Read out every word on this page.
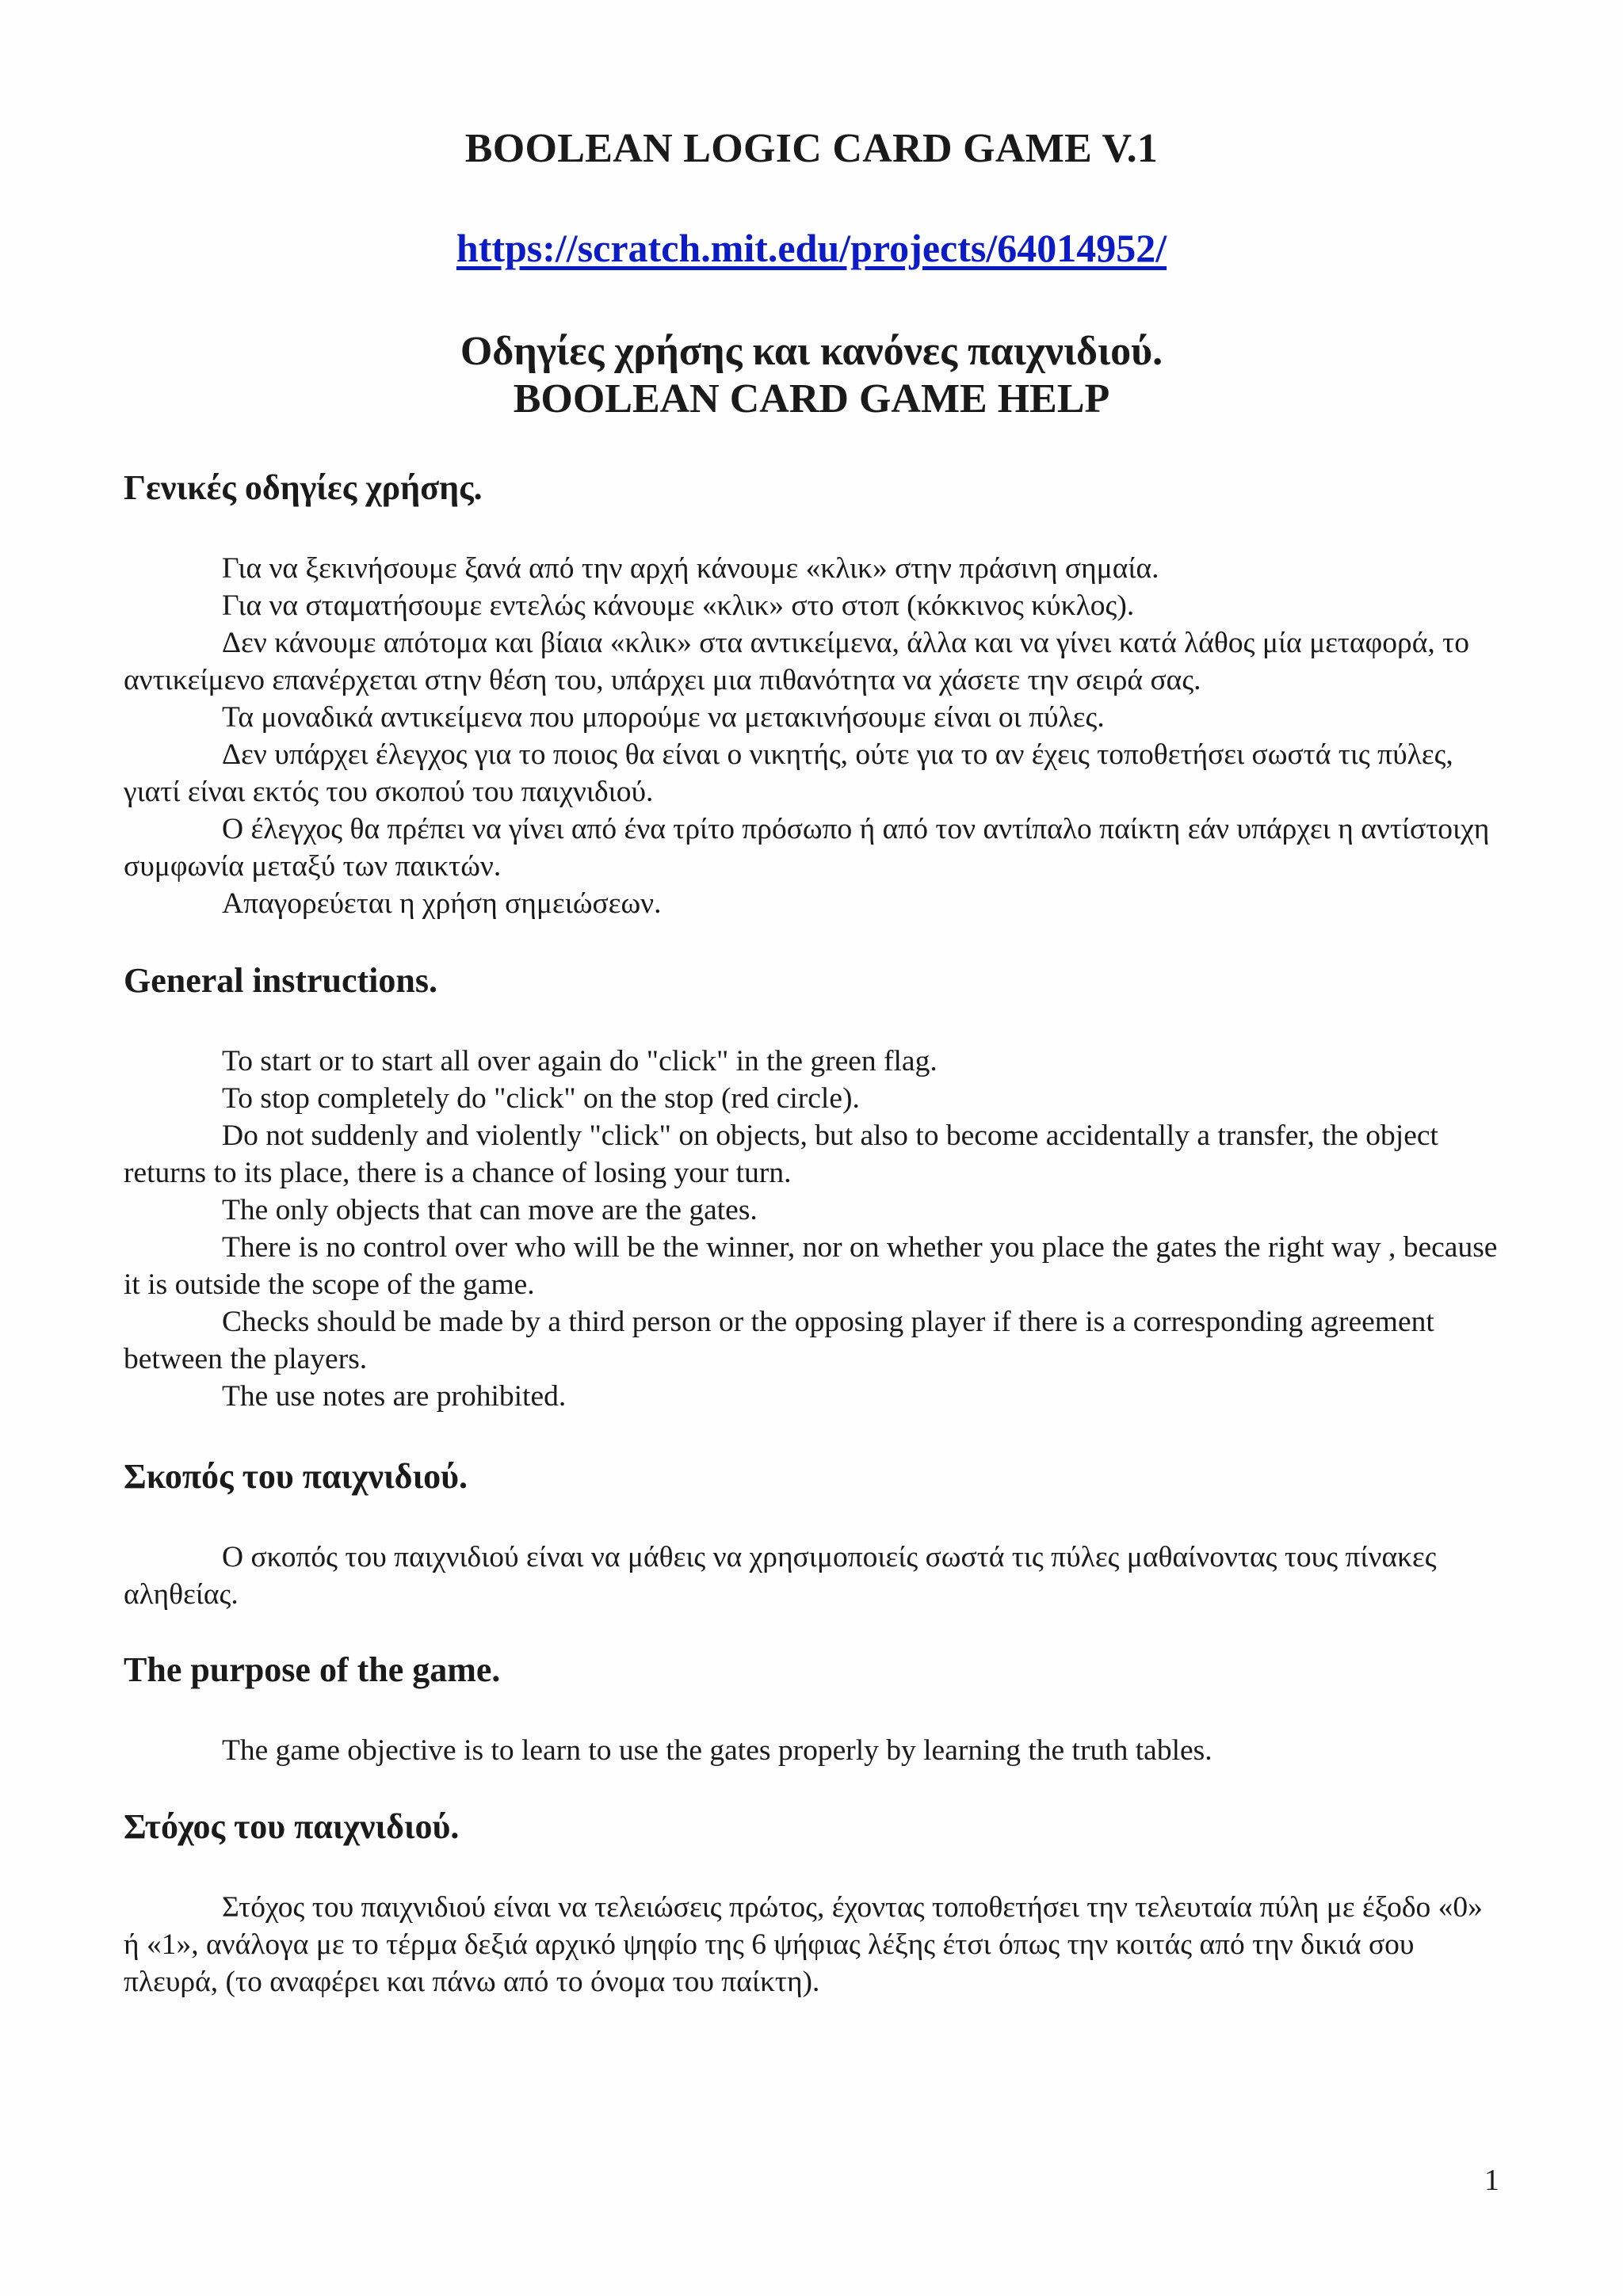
BOOLEAN LOGIC CARD GAME V.1
https://scratch.mit.edu/projects/64014952/
Οδηγίες χρήσης και κανόνες παιχνιδιού.
BOOLEAN CARD GAME HELP
Γενικές οδηγίες χρήσης.

Για να ξεκινήσουμε ξανά από την αρχή κάνουμε «κλικ» στην πράσινη σημαία.

Για να σταματήσουμε εντελώς κάνουμε «κλικ» στο στοπ (κόκκινος κύκλος).

Δεν κάνουμε απότομα και βίαια «κλικ» στα αντικείμενα, άλλα και να γίνει κατά λάθος μία μεταφορά, το αντικείμενο επανέρχεται στην θέση του, υπάρχει μια πιθανότητα να χάσετε την σειρά σας.

Τα μοναδικά αντικείμενα που μπορούμε να μετακινήσουμε είναι οι πύλες.

Δεν υπάρχει έλεγχος για το ποιος θα είναι ο νικητής, ούτε για το αν έχεις τοποθετήσει σωστά τις πύλες, γιατί είναι εκτός του σκοπού του παιχνιδιού.

Ο έλεγχος θα πρέπει να γίνει από ένα τρίτο πρόσωπο ή από τον αντίπαλο παίκτη εάν υπάρχει η αντίστοιχη συμφωνία μεταξύ των παικτών.

Απαγορεύεται η χρήση σημειώσεων.

General instructions.

To start or to start all over again do "click" in the green flag.

To stop completely do "click" on the stop (red circle).

Do not suddenly and violently "click" on objects, but also to become accidentally a transfer, the object returns to its place, there is a chance of losing your turn.

The only objects that can move are the gates.

There is no control over who will be the winner, nor on whether you place the gates the right way , because it is outside the scope of the game.

Checks should be made by a third person or the opposing player if there is a corresponding agreement between the players.

The use notes are prohibited.

Σκοπός του παιχνιδιού.

Ο σκοπός του παιχνιδιού είναι να μάθεις να χρησιμοποιείς σωστά τις πύλες μαθαίνοντας τους πίνακες αληθείας.

The purpose of the game.

The game objective is to learn to use the gates properly by learning the truth tables.

Στόχος του παιχνιδιού.

Στόχος του παιχνιδιού είναι να τελειώσεις πρώτος, έχοντας τοποθετήσει την τελευταία πύλη με έξοδο «0» ή «1», ανάλογα με το τέρμα δεξιά αρχικό ψηφίο της 6 ψήφιας λέξης έτσι όπως την κοιτάς από την δικιά σου πλευρά, (το αναφέρει και πάνω από το όνομα του παίκτη).

1
